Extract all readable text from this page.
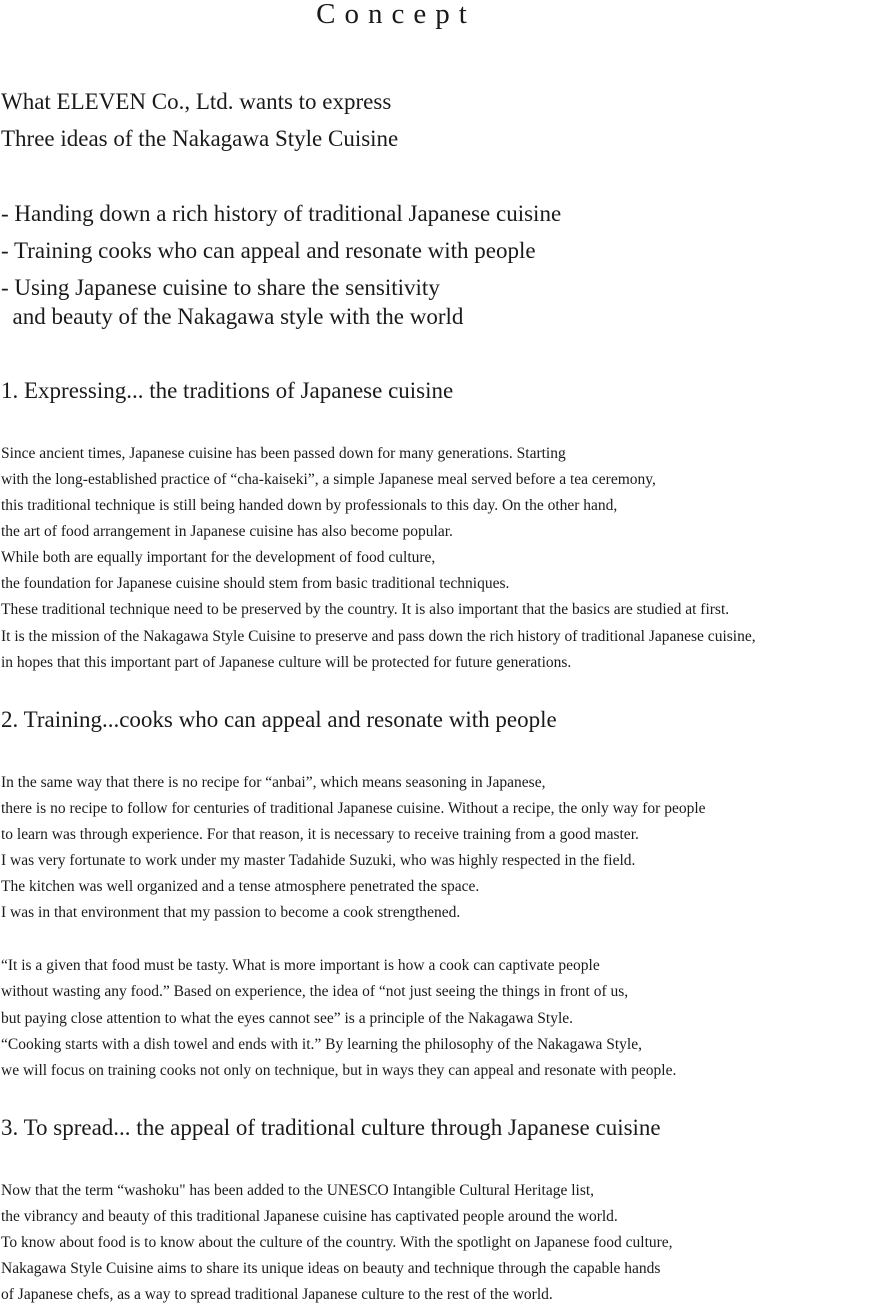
Concept
What ELEVEN Co., Ltd. wants to express
Three ideas of the Nakagawa Style Cuisine
- Handing down a rich history of traditional Japanese cuisine
- Training cooks who can appeal and resonate with people
- Using Japanese cuisine to share the sensitivity
and beauty of the Nakagawa style with the world
1. Expressing... the traditions of Japanese cuisine
Since ancient times, Japanese cuisine has been passed down for many generations. Starting
with the long-established practice of “cha-kaiseki”, a simple Japanese meal served before a tea ceremony,
this traditional technique is still being handed down by professionals to this day. On the other hand,
the art of food arrangement in Japanese cuisine has also become popular.
While both are equally important for the development of food culture,
the foundation for Japanese cuisine should stem from basic traditional techniques.
These traditional technique need to be preserved by the country. It is also important that the basics are studied at first.
It is the mission of the Nakagawa Style Cuisine to preserve and pass down the rich history of traditional Japanese cuisine,
in hopes that this important part of Japanese culture will be protected for future generations.
2. Training...cooks who can appeal and resonate with people
In the same way that there is no recipe for “anbai”, which means seasoning in Japanese,
there is no recipe to follow for centuries of traditional Japanese cuisine. Without a recipe, the only way for people
to learn was through experience. For that reason, it is necessary to receive training from a good master.
I was very fortunate to work under my master Tadahide Suzuki, who was highly respected in the field.
The kitchen was well organized and a tense atmosphere penetrated the space.
I was in that environment that my passion to become a cook strengthened.
“It is a given that food must be tasty. What is more important is how a cook can captivate people
without wasting any food.” Based on experience, the idea of “not just seeing the things in front of us,
but paying close attention to what the eyes cannot see” is a principle of the Nakagawa Style.
“Cooking starts with a dish towel and ends with it.” By learning the philosophy of the Nakagawa Style,
we will focus on training cooks not only on technique, but in ways they can appeal and resonate with people.
3. To spread... the appeal of traditional culture through Japanese cuisine
Now that the term “washoku" has been added to the UNESCO Intangible Cultural Heritage list,
the vibrancy and beauty of this traditional Japanese cuisine has captivated people around the world.
To know about food is to know about the culture of the country. With the spotlight on Japanese food culture,
Nakagawa Style Cuisine aims to share its unique ideas on beauty and technique through the capable hands
of Japanese chefs, as a way to spread traditional Japanese culture to the rest of the world.
